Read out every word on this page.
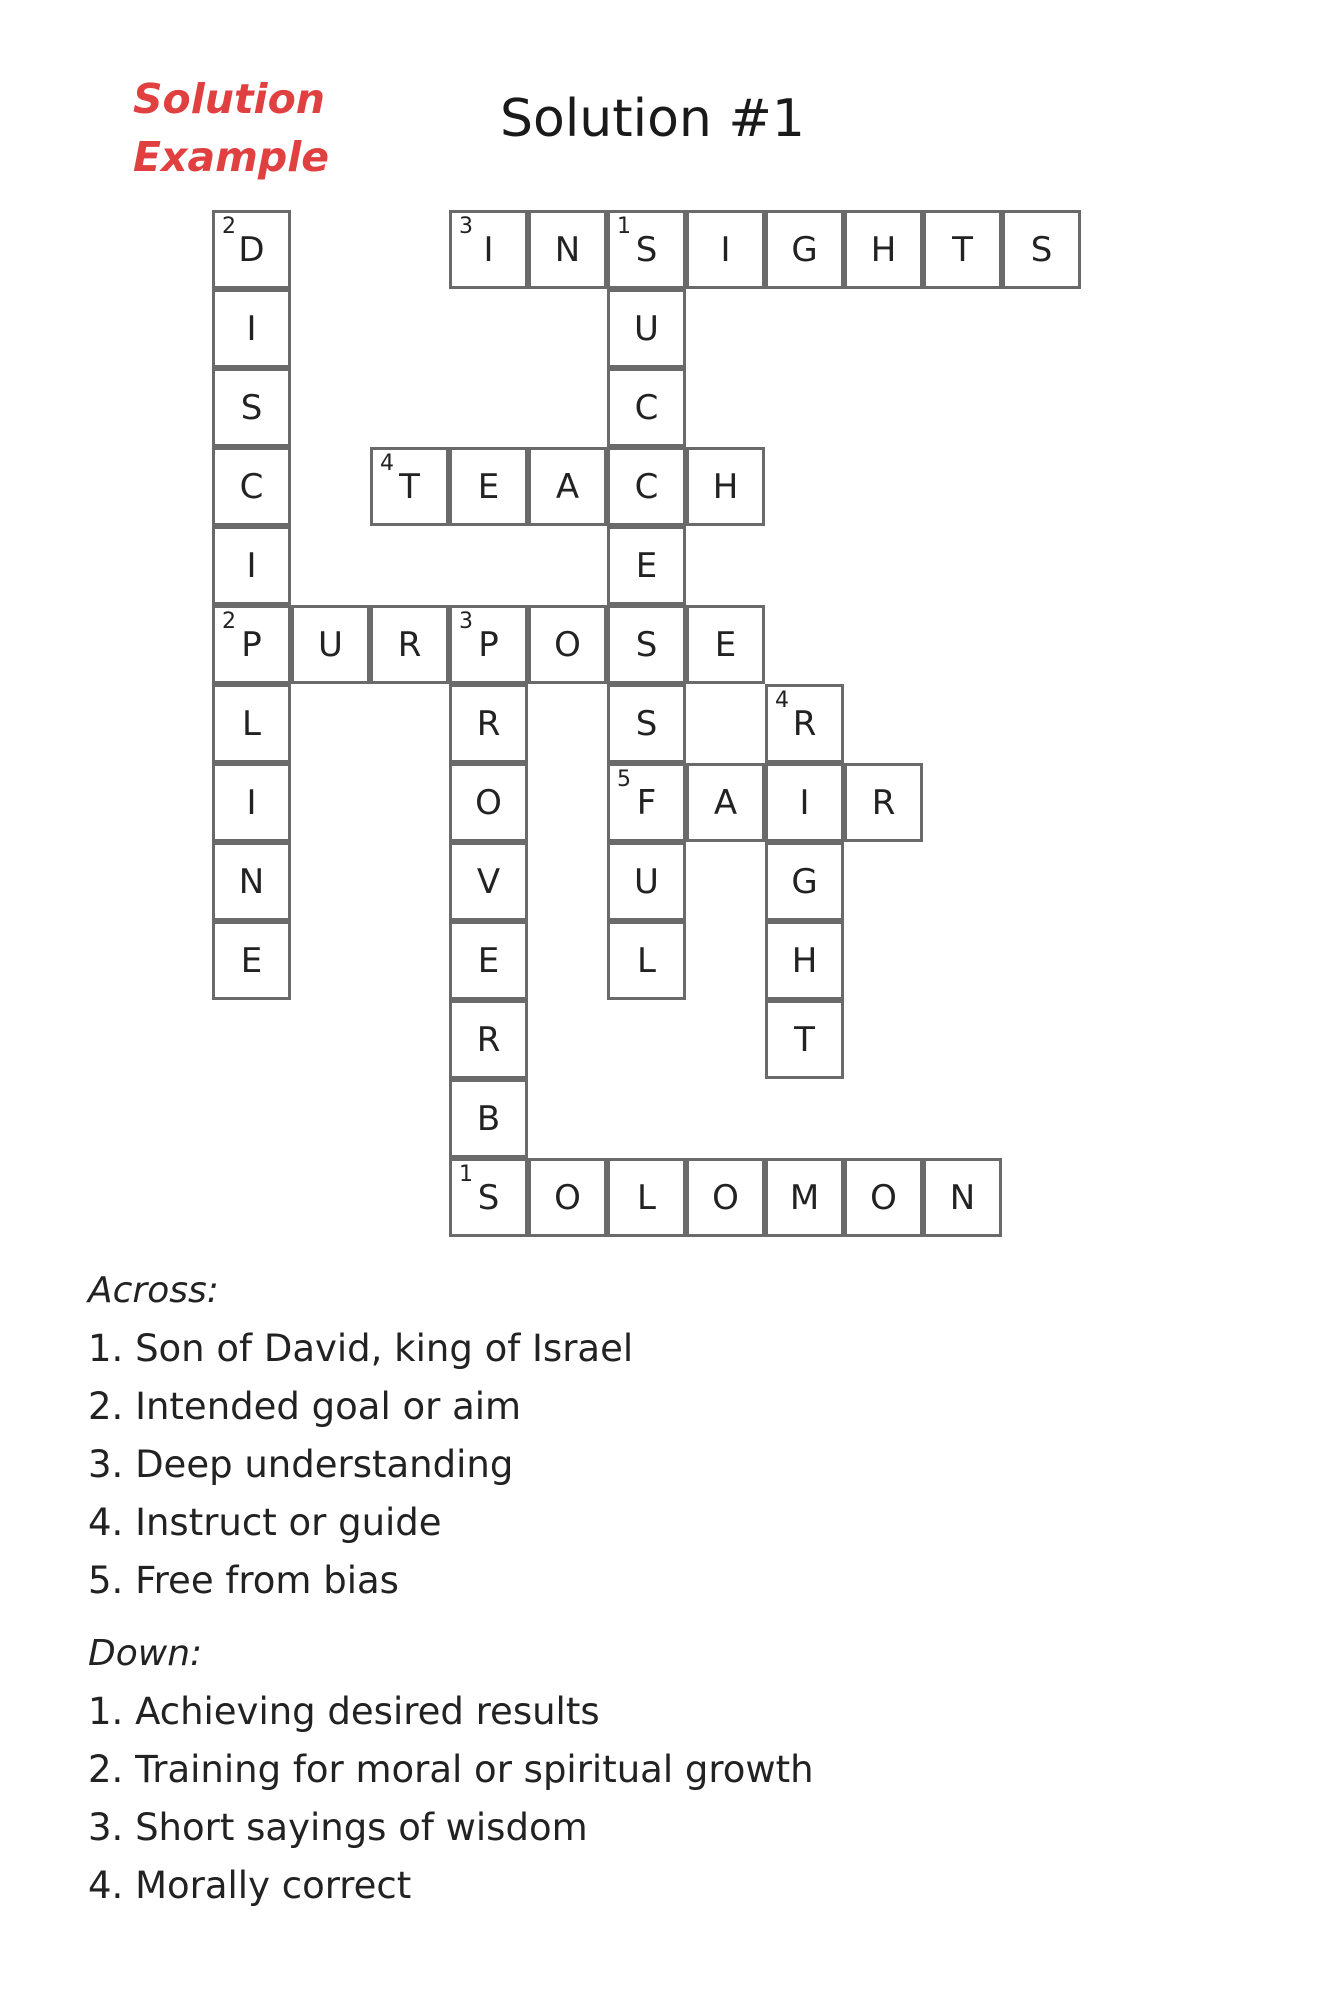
Solution
Example
Solution #1
2
D
I
S
C
I
2
P
L
I
N
E
3
I N
1
S I G H T S
U
C
C
E
S
S
5
F
U
L
4
T E A	H
U R
3
P O	E
R
O
V
E
R
B
4
R
I
G
H
T
A	R
1
S O L O M O N
Across:
1. Son of David, king of Israel
2. Intended goal or aim
3. Deep understanding
4. Instruct or guide
5. Free from bias
Down:
1. Achieving desired results
2. Training for moral or spiritual growth
3. Short sayings of wisdom
4. Morally correct
